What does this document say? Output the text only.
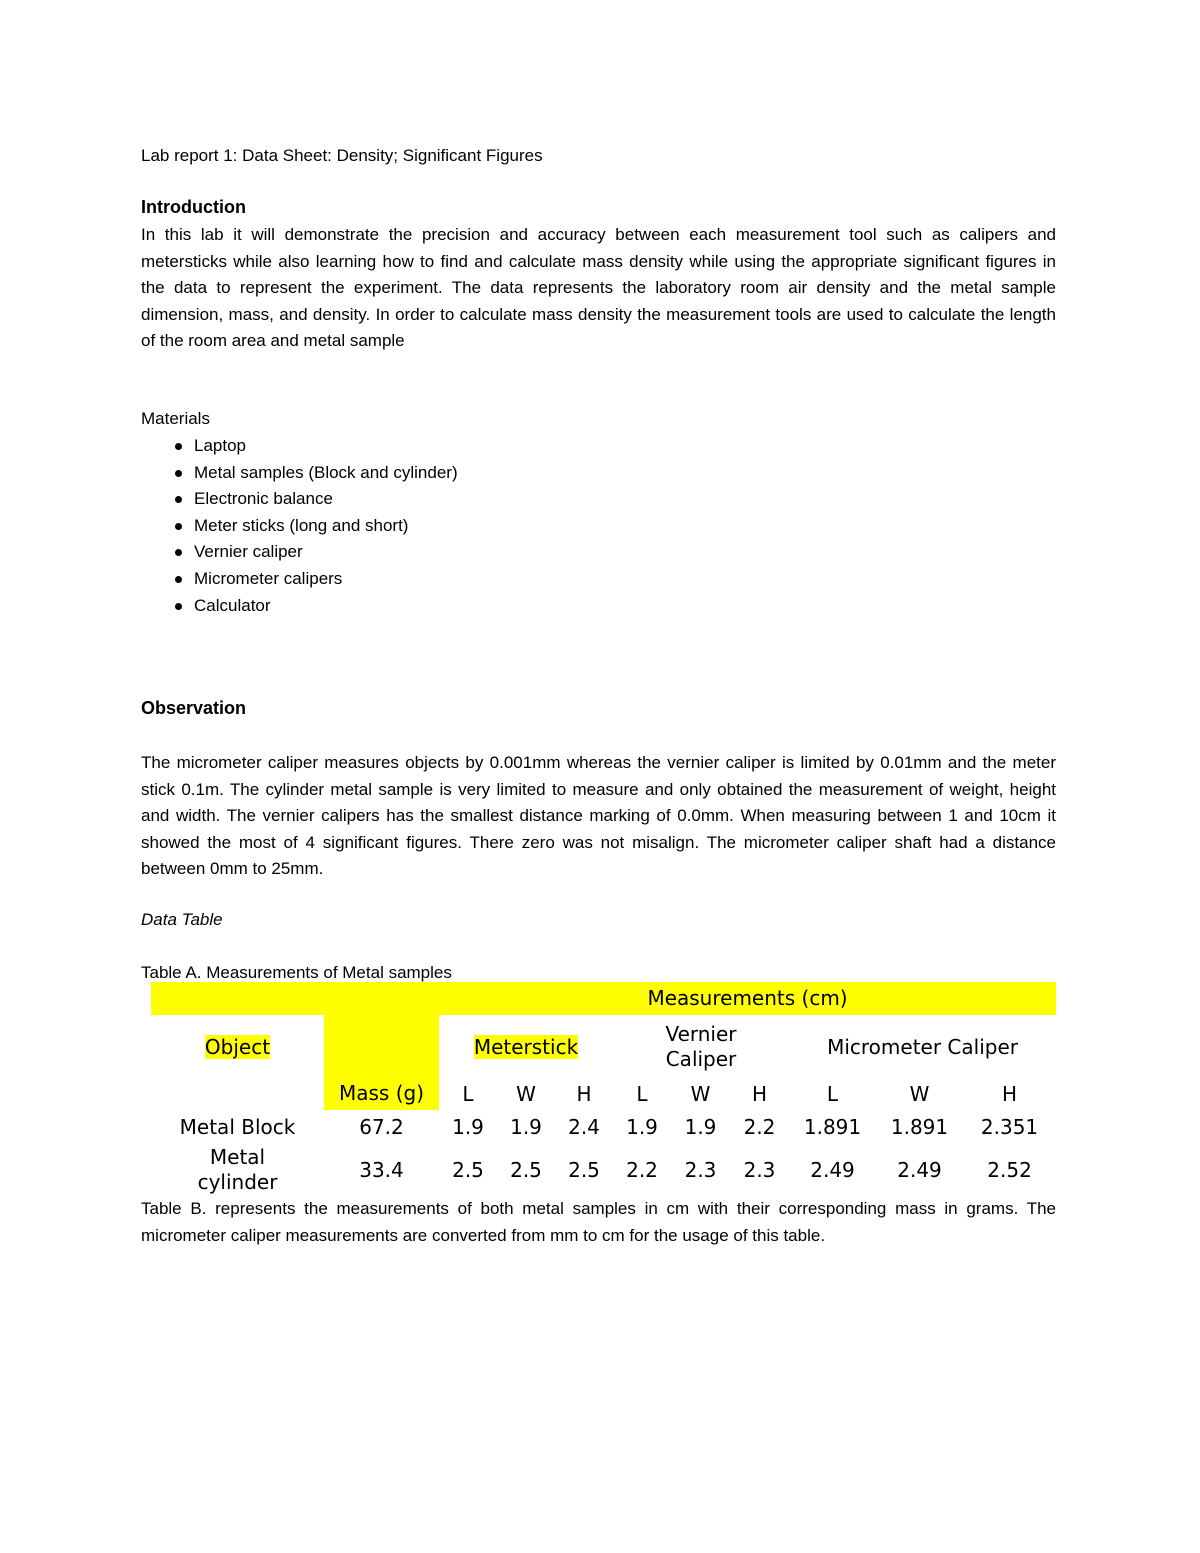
Lab report 1: Data Sheet: Density; Significant Figures
Introduction

In this lab it will demonstrate the precision and accuracy between each measurement tool such as calipers and metersticks while also learning how to find and calculate mass density while using the appropriate significant figures in the data to represent the experiment. The data represents the laboratory room air density and the metal sample dimension, mass, and density. In order to calculate mass density the measurement tools are used to calculate the length of the room area and metal sample

Materials
Laptop
Metal samples (Block and cylinder)
Electronic balance
Meter sticks (long and short)
Vernier caliper
Micrometer calipers
Calculator
Observation

The micrometer caliper measures objects by 0.001mm whereas the vernier caliper is limited by 0.01mm and the meter stick 0.1m. The cylinder metal sample is very limited to measure and only obtained the measurement of weight, height and width. The vernier calipers has the smallest distance marking of 0.0mm. When measuring between 1 and 10cm it showed the most of 4 significant figures. There zero was not misalign. The micrometer caliper shaft had a distance between 0mm to 25mm.

Data Table
Table A. Measurements of Metal samples
		Measurements (cm)								
Object	Mass (g)	Meterstick			Vernier Caliper			Micrometer Caliper		
		L	W	H	L	W	H	L	W	H
Metal Block	67.2	1.9	1.9	2.4	1.9	1.9	2.2	1.891	1.891	2.351
Metal cylinder	33.4	2.5	2.5	2.5	2.2	2.3	2.3	2.49	2.49	2.52

Table B. represents the measurements of both metal samples in cm with their corresponding mass in grams. The micrometer caliper measurements are converted from mm to cm for the usage of this table.
